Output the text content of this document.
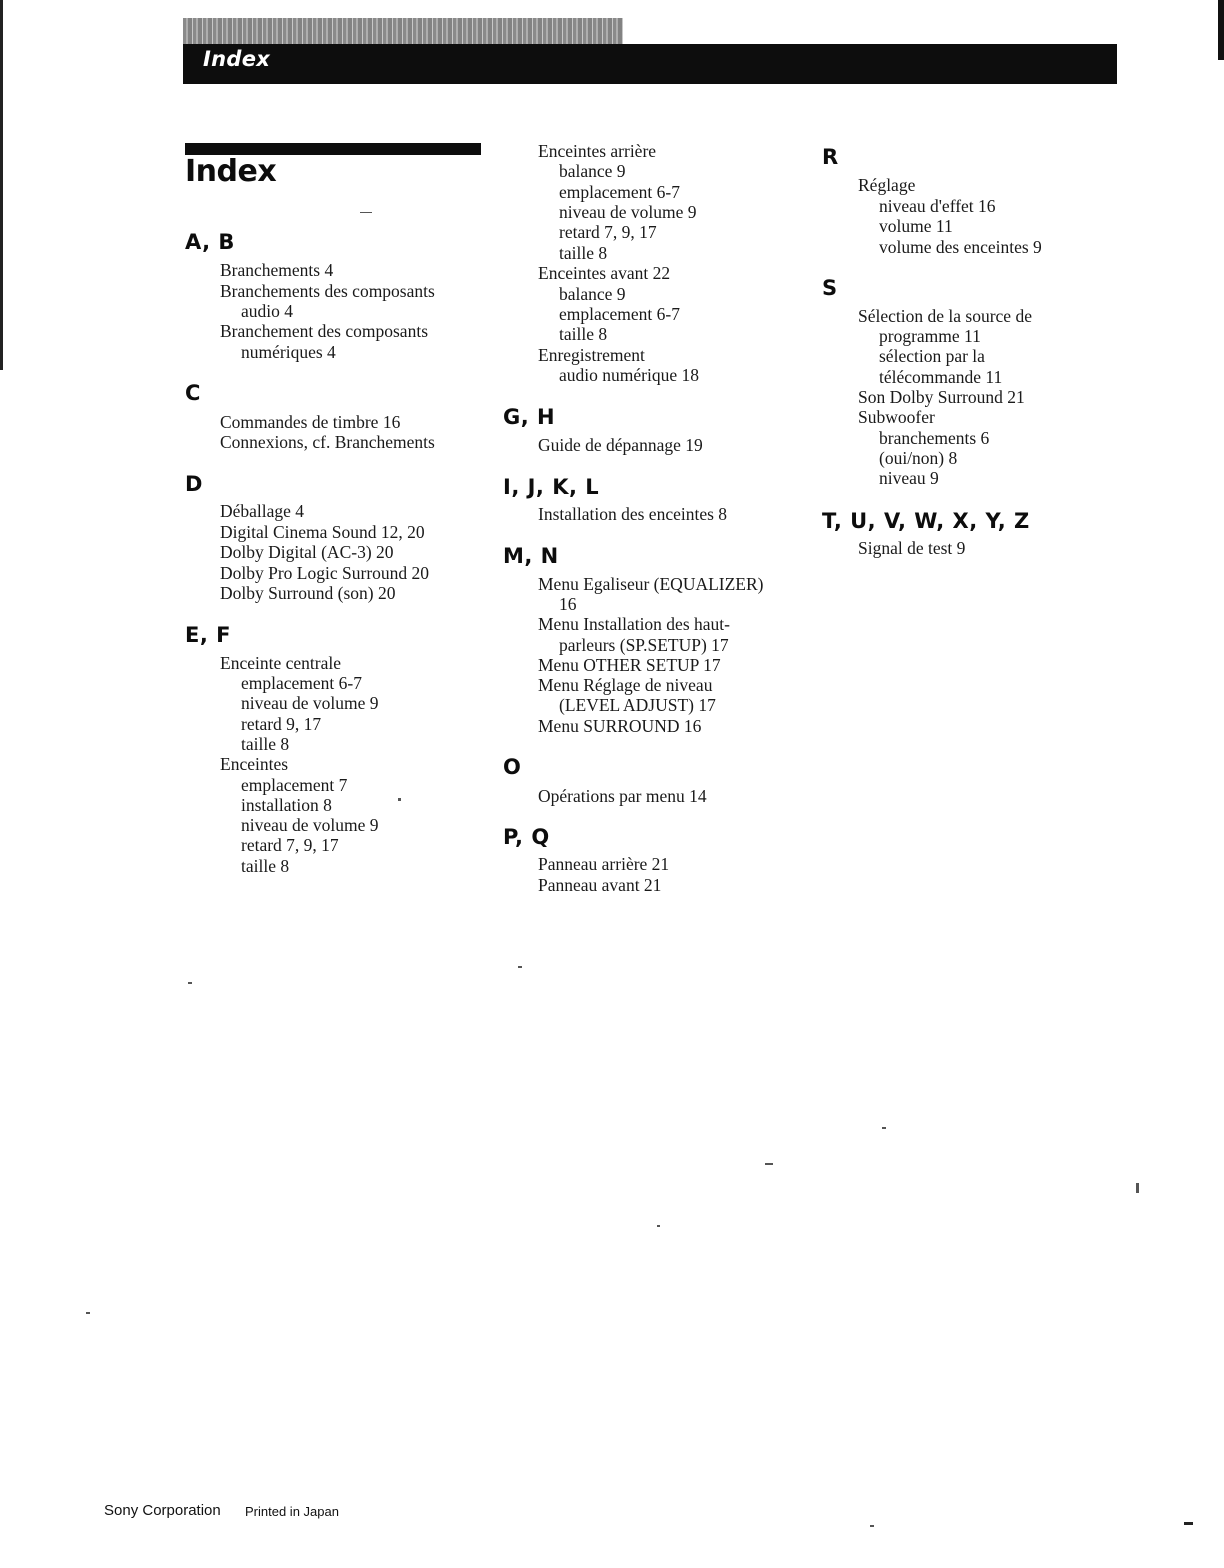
Index
Index
A, B
Branchements 4
Branchements des composants
audio 4
Branchement des composants
numériques 4
C
Commandes de timbre 16
Connexions, cf. Branchements
D
Déballage 4
Digital Cinema Sound 12, 20
Dolby Digital (AC-3) 20
Dolby Pro Logic Surround 20
Dolby Surround (son) 20
E, F
Enceinte centrale
emplacement 6-7
niveau de volume 9
retard 9, 17
taille 8
Enceintes
emplacement 7
installation 8
niveau de volume 9
retard 7, 9, 17
taille 8
Enceintes arrière
balance 9
emplacement 6-7
niveau de volume 9
retard 7, 9, 17
taille 8
Enceintes avant 22
balance 9
emplacement 6-7
taille 8
Enregistrement
audio numérique 18
G, H
Guide de dépannage 19
I, J, K, L
Installation des enceintes 8
M, N
Menu Egaliseur (EQUALIZER)
16
Menu Installation des haut-
parleurs (SP.SETUP) 17
Menu OTHER SETUP 17
Menu Réglage de niveau
(LEVEL ADJUST) 17
Menu SURROUND 16
O
Opérations par menu 14
P, Q
Panneau arrière 21
Panneau avant 21
R
Réglage
niveau d'effet 16
volume 11
volume des enceintes 9
S
Sélection de la source de
programme 11
sélection par la
télécommande 11
Son Dolby Surround 21
Subwoofer
branchements 6
(oui/non) 8
niveau 9
T, U, V, W, X, Y, Z
Signal de test 9
Sony Corporation Printed in Japan
